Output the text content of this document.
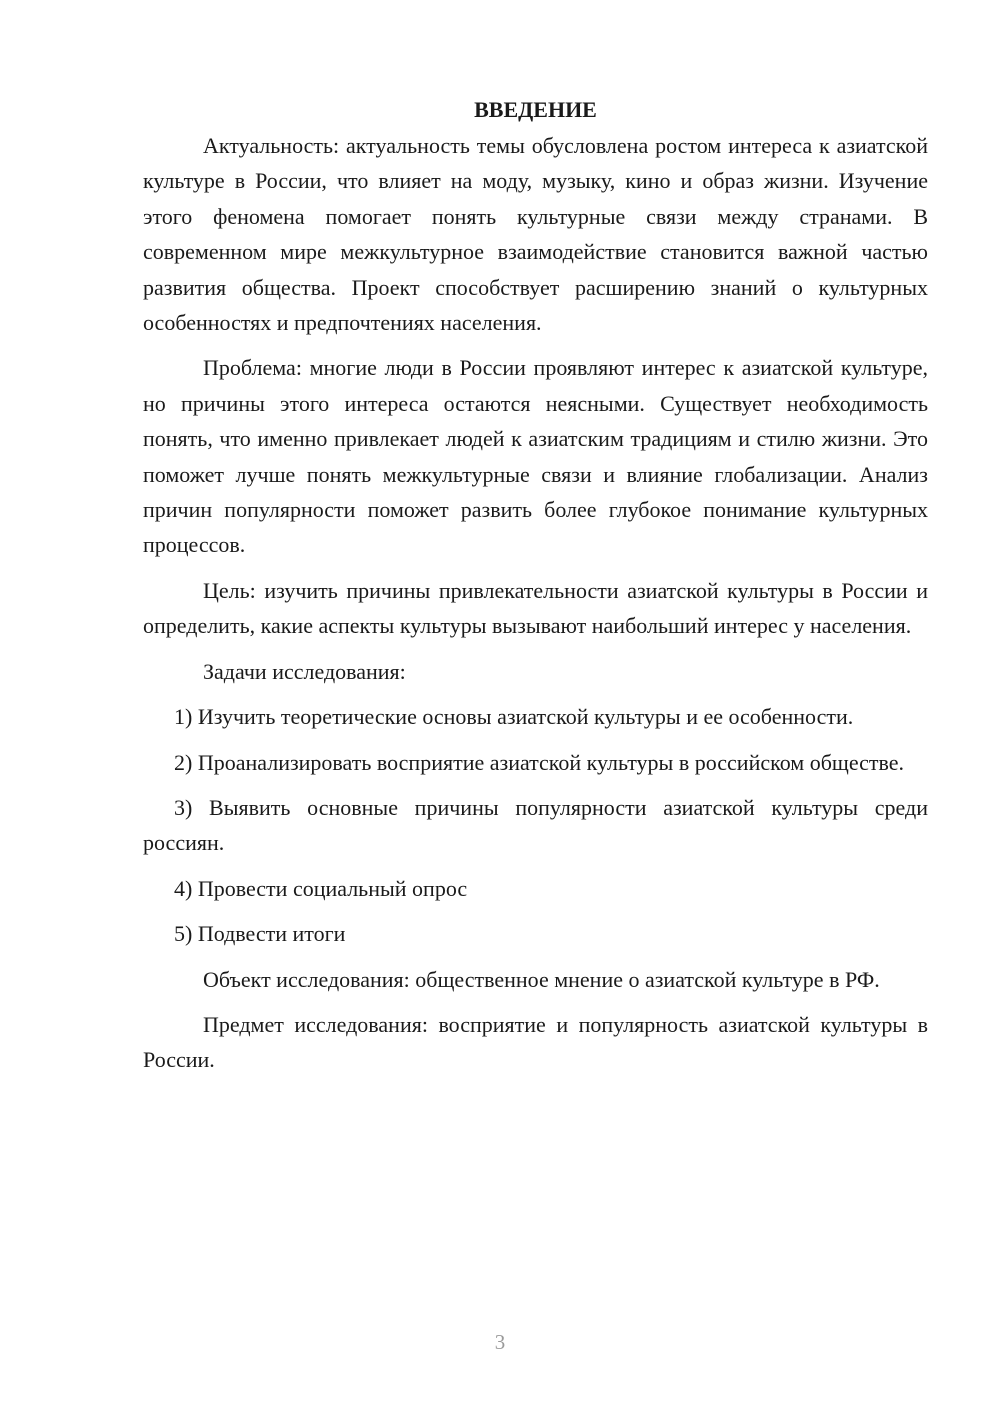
ВВЕДЕНИЕ

Актуальность: актуальность темы обусловлена ростом интереса к азиатской культуре в России, что влияет на моду, музыку, кино и образ жизни. Изучение этого феномена помогает понять культурные связи между странами. В современном мире межкультурное взаимодействие становится важной частью развития общества. Проект способствует расширению знаний о культурных особенностях и предпочтениях населения.

Проблема: многие люди в России проявляют интерес к азиатской культуре, но причины этого интереса остаются неясными. Существует необходимость понять, что именно привлекает людей к азиатским традициям и стилю жизни. Это поможет лучше понять межкультурные связи и влияние глобализации. Анализ причин популярности поможет развить более глубокое понимание культурных процессов.

Цель: изучить причины привлекательности азиатской культуры в России и определить, какие аспекты культуры вызывают наибольший интерес у населения.

Задачи исследования:

1) Изучить теоретические основы азиатской культуры и ее особенности.

2) Проанализировать восприятие азиатской культуры в российском обществе.

3) Выявить основные причины популярности азиатской культуры среди россиян.

4) Провести социальный опрос

5) Подвести итоги

Объект исследования: общественное мнение о азиатской культуре в РФ.

Предмет исследования: восприятие и популярность азиатской культуры в России.

3
